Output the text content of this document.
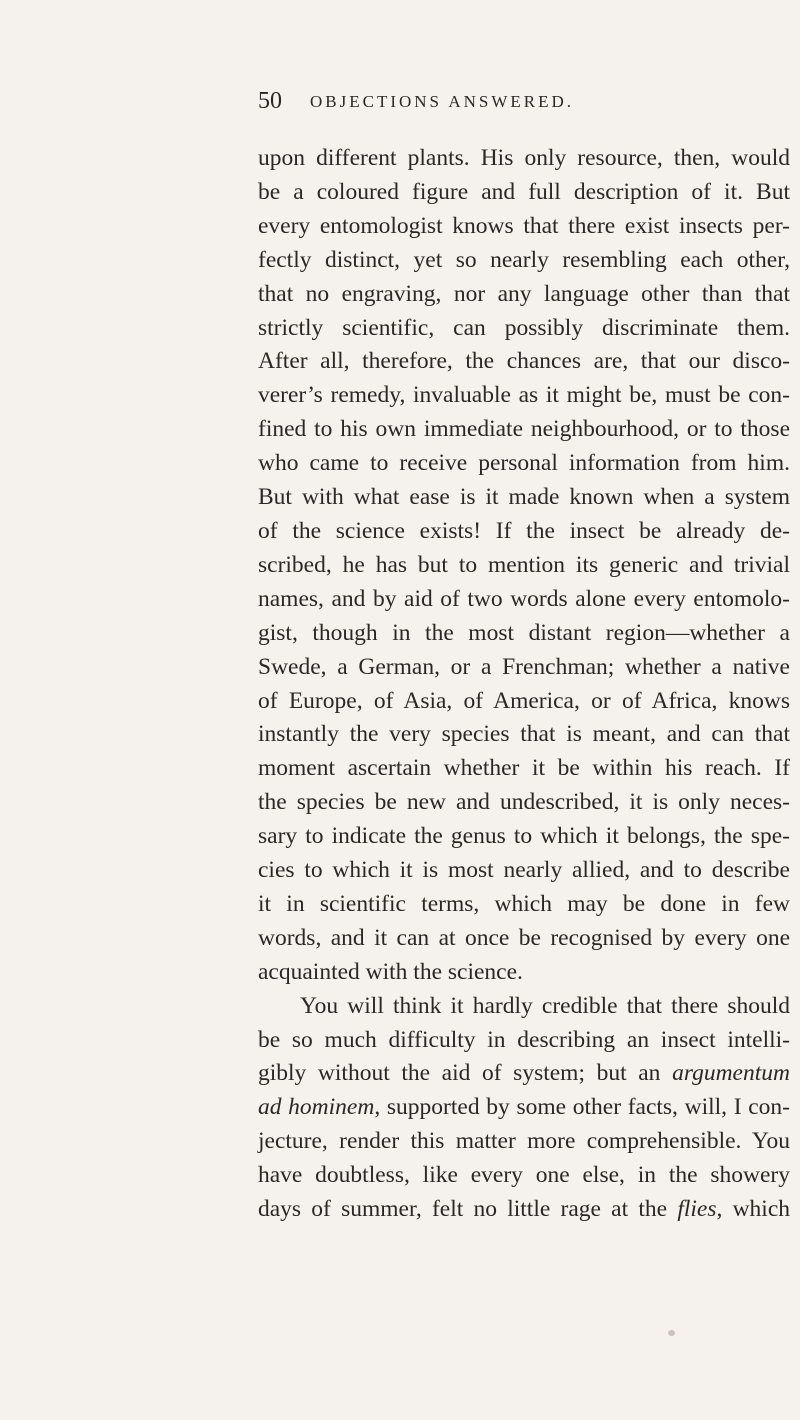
50 OBJECTIONS ANSWERED.
upon different plants. His only resource, then, would
be a coloured figure and full description of it. But
every entomologist knows that there exist insects per-
fectly distinct, yet so nearly resembling each other,
that no engraving, nor any language other than that
strictly scientific, can possibly discriminate them.
After all, therefore, the chances are, that our disco-
verer’s remedy, invaluable as it might be, must be con-
fined to his own immediate neighbourhood, or to those
who came to receive personal information from him.
But with what ease is it made known when a system
of the science exists! If the insect be already de-
scribed, he has but to mention its generic and trivial
names, and by aid of two words alone every entomolo-
gist, though in the most distant region—whether a
Swede, a German, or a Frenchman; whether a native
of Europe, of Asia, of America, or of Africa, knows
instantly the very species that is meant, and can that
moment ascertain whether it be within his reach. If
the species be new and undescribed, it is only neces-
sary to indicate the genus to which it belongs, the spe-
cies to which it is most nearly allied, and to describe
it in scientific terms, which may be done in few
words, and it can at once be recognised by every one
acquainted with the science.
You will think it hardly credible that there should
be so much difficulty in describing an insect intelli-
gibly without the aid of system; but an argumentum
ad hominem, supported by some other facts, will, I con-
jecture, render this matter more comprehensible. You
have doubtless, like every one else, in the showery
days of summer, felt no little rage at the flies, which
